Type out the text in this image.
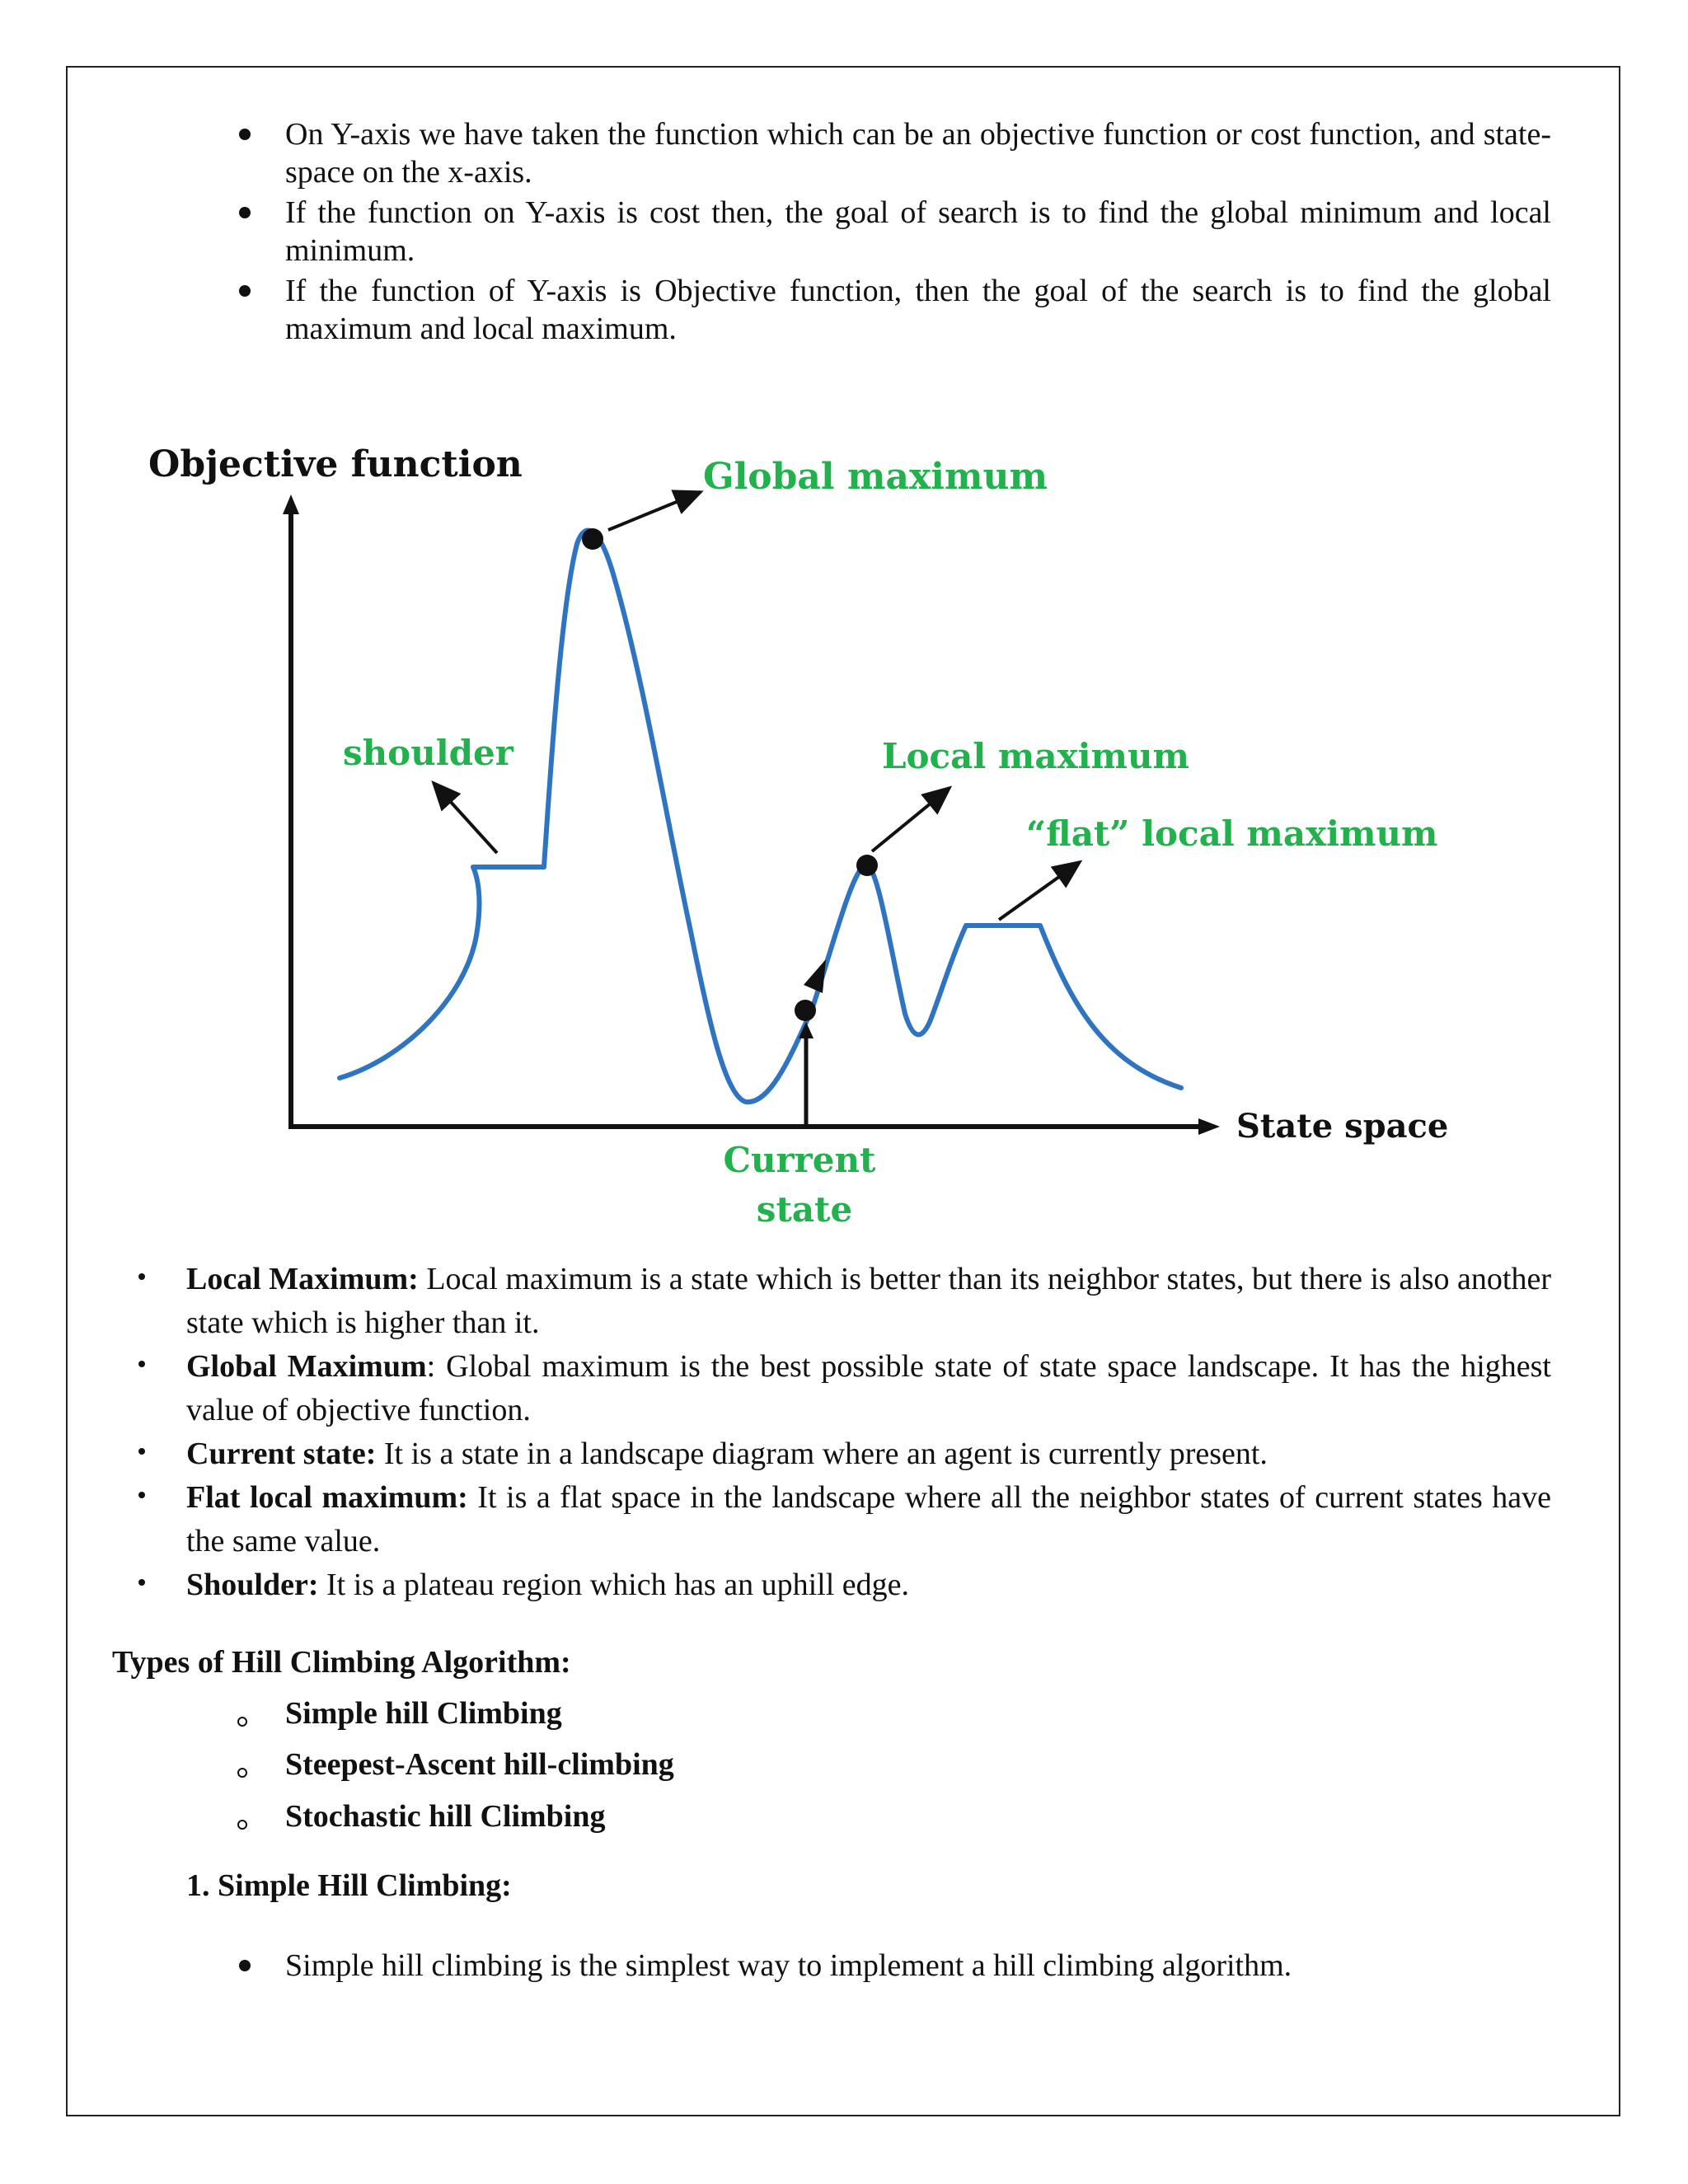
On Y-axis we have taken the function which can be an objective function or cost function, and state-space on the x-axis.
If the function on Y-axis is cost then, the goal of search is to find the global minimum and local minimum.
If the function of Y-axis is Objective function, then the goal of the search is to find the global maximum and local maximum.
Objective function
State space
Global maximum
shoulder	Local maximum
“flat” local maximum
Current
state
Local Maximum: Local maximum is a state which is better than its neighbor states, but there is also another state which is higher than it.
Global Maximum: Global maximum is the best possible state of state space landscape. It has the highest value of objective function.
Current state: It is a state in a landscape diagram where an agent is currently present.
Flat local maximum: It is a flat space in the landscape where all the neighbor states of current states have the same value.
Shoulder: It is a plateau region which has an uphill edge.
Types of Hill Climbing Algorithm:
Simple hill Climbing
Steepest-Ascent hill-climbing
Stochastic hill Climbing
1. Simple Hill Climbing:
Simple hill climbing is the simplest way to implement a hill climbing algorithm.
